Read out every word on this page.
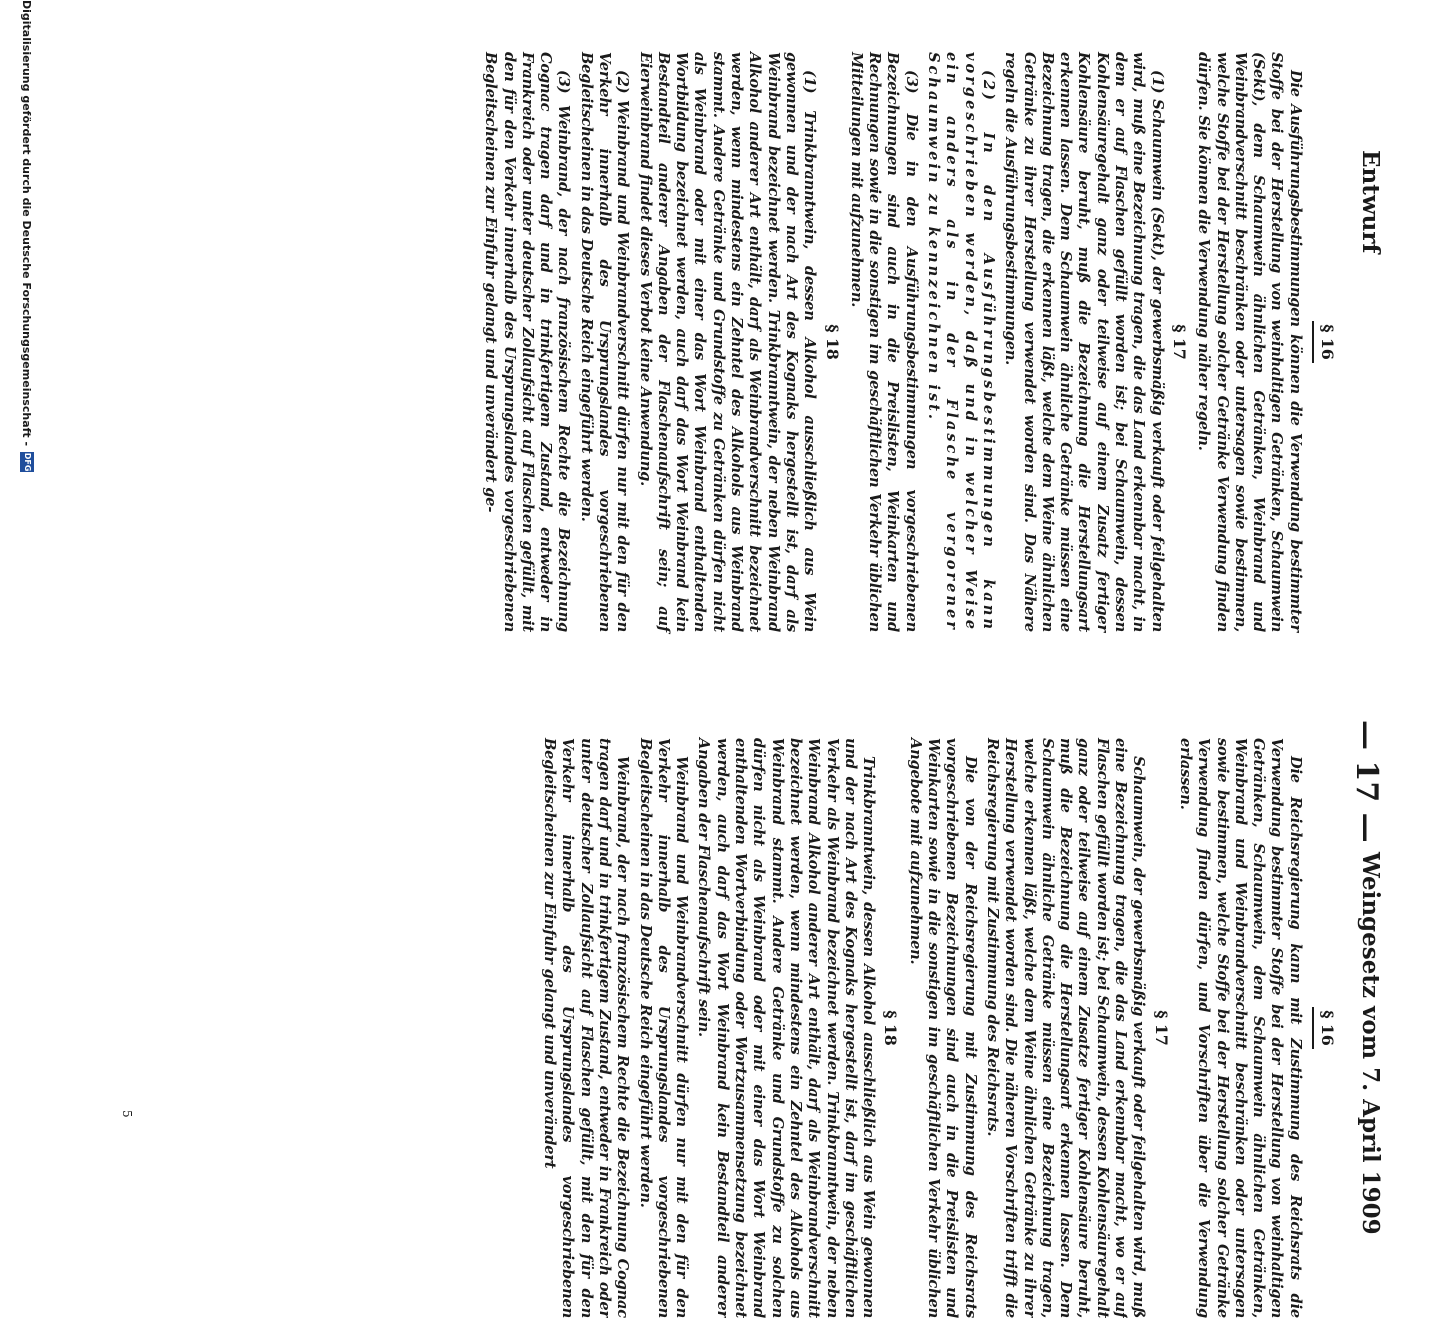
Entwurf
— 17 —
Weingesetz vom 7. April 1909
§ 16

Die Ausführungsbestimmungen können die Verwendung bestimmter Stoffe bei der Herstellung von weinhaltigen Getränken, Schaumwein (Sekt), dem Schaumwein ähnlichen Getränken, Weinbrand und Weinbrandverschnitt beschränken oder untersagen sowie bestimmen, welche Stoffe bei der Herstellung solcher Getränke Verwendung finden dürfen. Sie können die Verwendung näher regeln.

§ 17

(1) Schaumwein (Sekt), der gewerbsmäßig verkauft oder feilgehalten wird, muß eine Bezeichnung tragen, die das Land erkennbar macht, in dem er auf Flaschen gefüllt worden ist; bei Schaumwein, dessen Kohlensäuregehalt ganz oder teilweise auf einem Zusatz fertiger Kohlensäure beruht, muß die Bezeichnung die Herstellungsart erkennen lassen. Dem Schaumwein ähnliche Getränke müssen eine Bezeichnung tragen, die erkennen läßt, welche dem Weine ähnlichen Getränke zu ihrer Herstellung verwendet worden sind. Das Nähere regeln die Ausführungsbestimmungen.

(2) In den Ausführungsbestimmungen kann vorgeschrieben werden, daß und in welcher Weise ein anders als in der Flasche vergorener Schaumwein zu kennzeichnen ist.

(3) Die in den Ausführungsbestimmungen vorgeschriebenen Bezeichnungen sind auch in die Preislisten, Weinkarten und Rechnungen sowie in die sonstigen im geschäftlichen Verkehr üblichen Mitteilungen mit aufzunehmen.

§ 18

(1) Trinkbranntwein, dessen Alkohol ausschließlich aus Wein gewonnen und der nach Art des Kognaks hergestellt ist, darf als Weinbrand bezeichnet werden. Trinkbranntwein, der neben Weinbrand Alkohol anderer Art enthält, darf als Weinbrandverschnitt bezeichnet werden, wenn mindestens ein Zehntel des Alkohols aus Weinbrand stammt. Andere Getränke und Grundstoffe zu Getränken dürfen nicht als Weinbrand oder mit einer das Wort Weinbrand enthaltenden Wortbildung bezeichnet werden, auch darf das Wort Weinbrand kein Bestandteil anderer Angaben der Flaschenaufschrift sein; auf Eierweinbrand findet dieses Verbot keine Anwendung.

(2) Weinbrand und Weinbrandverschnitt dürfen nur mit den für den Verkehr innerhalb des Ursprungslandes vorgeschriebenen Begleitscheinen in das Deutsche Reich eingeführt werden.

(3) Weinbrand, der nach französischem Rechte die Bezeichnung Cognac tragen darf und in trinkfertigem Zustand, entweder in Frankreich oder unter deutscher Zollaufsicht auf Flaschen gefüllt, mit den für den Verkehr innerhalb des Ursprungslandes vorgeschriebenen Begleitscheinen zur Einfuhr gelangt und unverändert ge-

§ 16

Die Reichsregierung kann mit Zustimmung des Reichsrats die Verwendung bestimmter Stoffe bei der Herstellung von weinhaltigen Getränken, Schaumwein, dem Schaumwein ähnlichen Getränken, Weinbrand und Weinbrandverschnitt beschränken oder untersagen sowie bestimmen, welche Stoffe bei der Herstellung solcher Getränke Verwendung finden dürfen, und Vorschriften über die Verwendung erlassen.

§ 17

Schaumwein, der gewerbsmäßig verkauft oder feilgehalten wird, muß eine Bezeichnung tragen, die das Land erkennbar macht, wo er auf Flaschen gefüllt worden ist; bei Schaumwein, dessen Kohlensäuregehalt ganz oder teilweise auf einem Zusatze fertiger Kohlensäure beruht, muß die Bezeichnung die Herstellungsart erkennen lassen. Dem Schaumwein ähnliche Getränke müssen eine Bezeichnung tragen, welche erkennen läßt, welche dem Weine ähnlichen Getränke zu ihrer Herstellung verwendet worden sind. Die näheren Vorschriften trifft die Reichsregierung mit Zustimmung des Reichsrats.

Die von der Reichsregierung mit Zustimmung des Reichsrats vorgeschriebenen Bezeichnungen sind auch in die Preislisten und Weinkarten sowie in die sonstigen im geschäftlichen Verkehr üblichen Angebote mit aufzunehmen.

§ 18

Trinkbranntwein, dessen Alkohol ausschließlich aus Wein gewonnen und der nach Art des Kognaks hergestellt ist, darf im geschäftlichen Verkehr als Weinbrand bezeichnet werden. Trinkbranntwein, der neben Weinbrand Alkohol anderer Art enthält, darf als Weinbrandverschnitt bezeichnet werden, wenn mindestens ein Zehntel des Alkohols aus Weinbrand stammt. Andere Getränke und Grundstoffe zu solchen dürfen nicht als Weinbrand oder mit einer das Wort Weinbrand enthaltenden Wortverbindung oder Wortzusammensetzung bezeichnet werden, auch darf das Wort Weinbrand kein Bestandteil anderer Angaben der Flaschenaufschrift sein.

Weinbrand und Weinbrandverschnitt dürfen nur mit den für den Verkehr innerhalb des Ursprungslandes vorgeschriebenen Begleitscheinen in das Deutsche Reich eingeführt werden.

Weinbrand, der nach französischem Rechte die Bezeichnung Cognac tragen darf und in trinkfertigem Zustand, entweder in Frankreich oder unter deutscher Zollaufsicht auf Flaschen gefüllt, mit den für den Verkehr innerhalb des Ursprungslandes vorgeschriebenen Begleitscheinen zur Einfuhr gelangt und unverändert

5
Digitalisierung gefördert durch die Deutsche Forschungsgemeinschaft -
DFG
